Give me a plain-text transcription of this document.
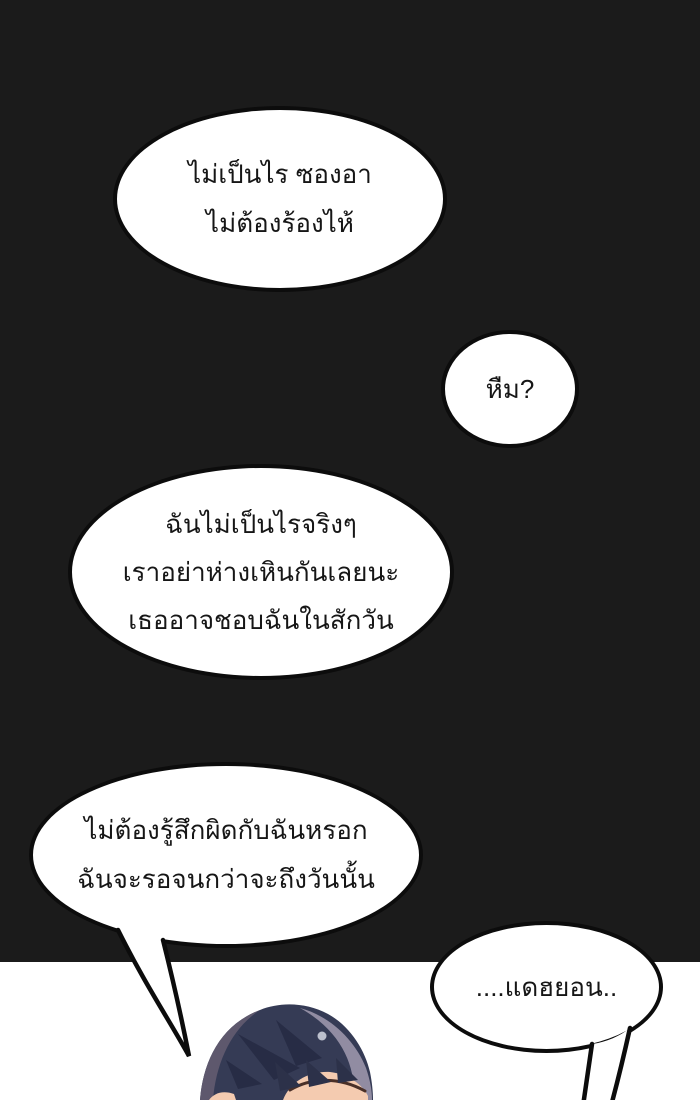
ไม่เป็นไร ซองอา
ไม่ต้องร้องไห้
หืม?
ฉันไม่เป็นไรจริงๆ
เราอย่าห่างเหินกันเลยนะ
เธออาจชอบฉันในสักวัน
ไม่ต้องรู้สึกผิดกับฉันหรอก
ฉันจะรอจนกว่าจะถึงวันนั้น
....แดฮยอน..
